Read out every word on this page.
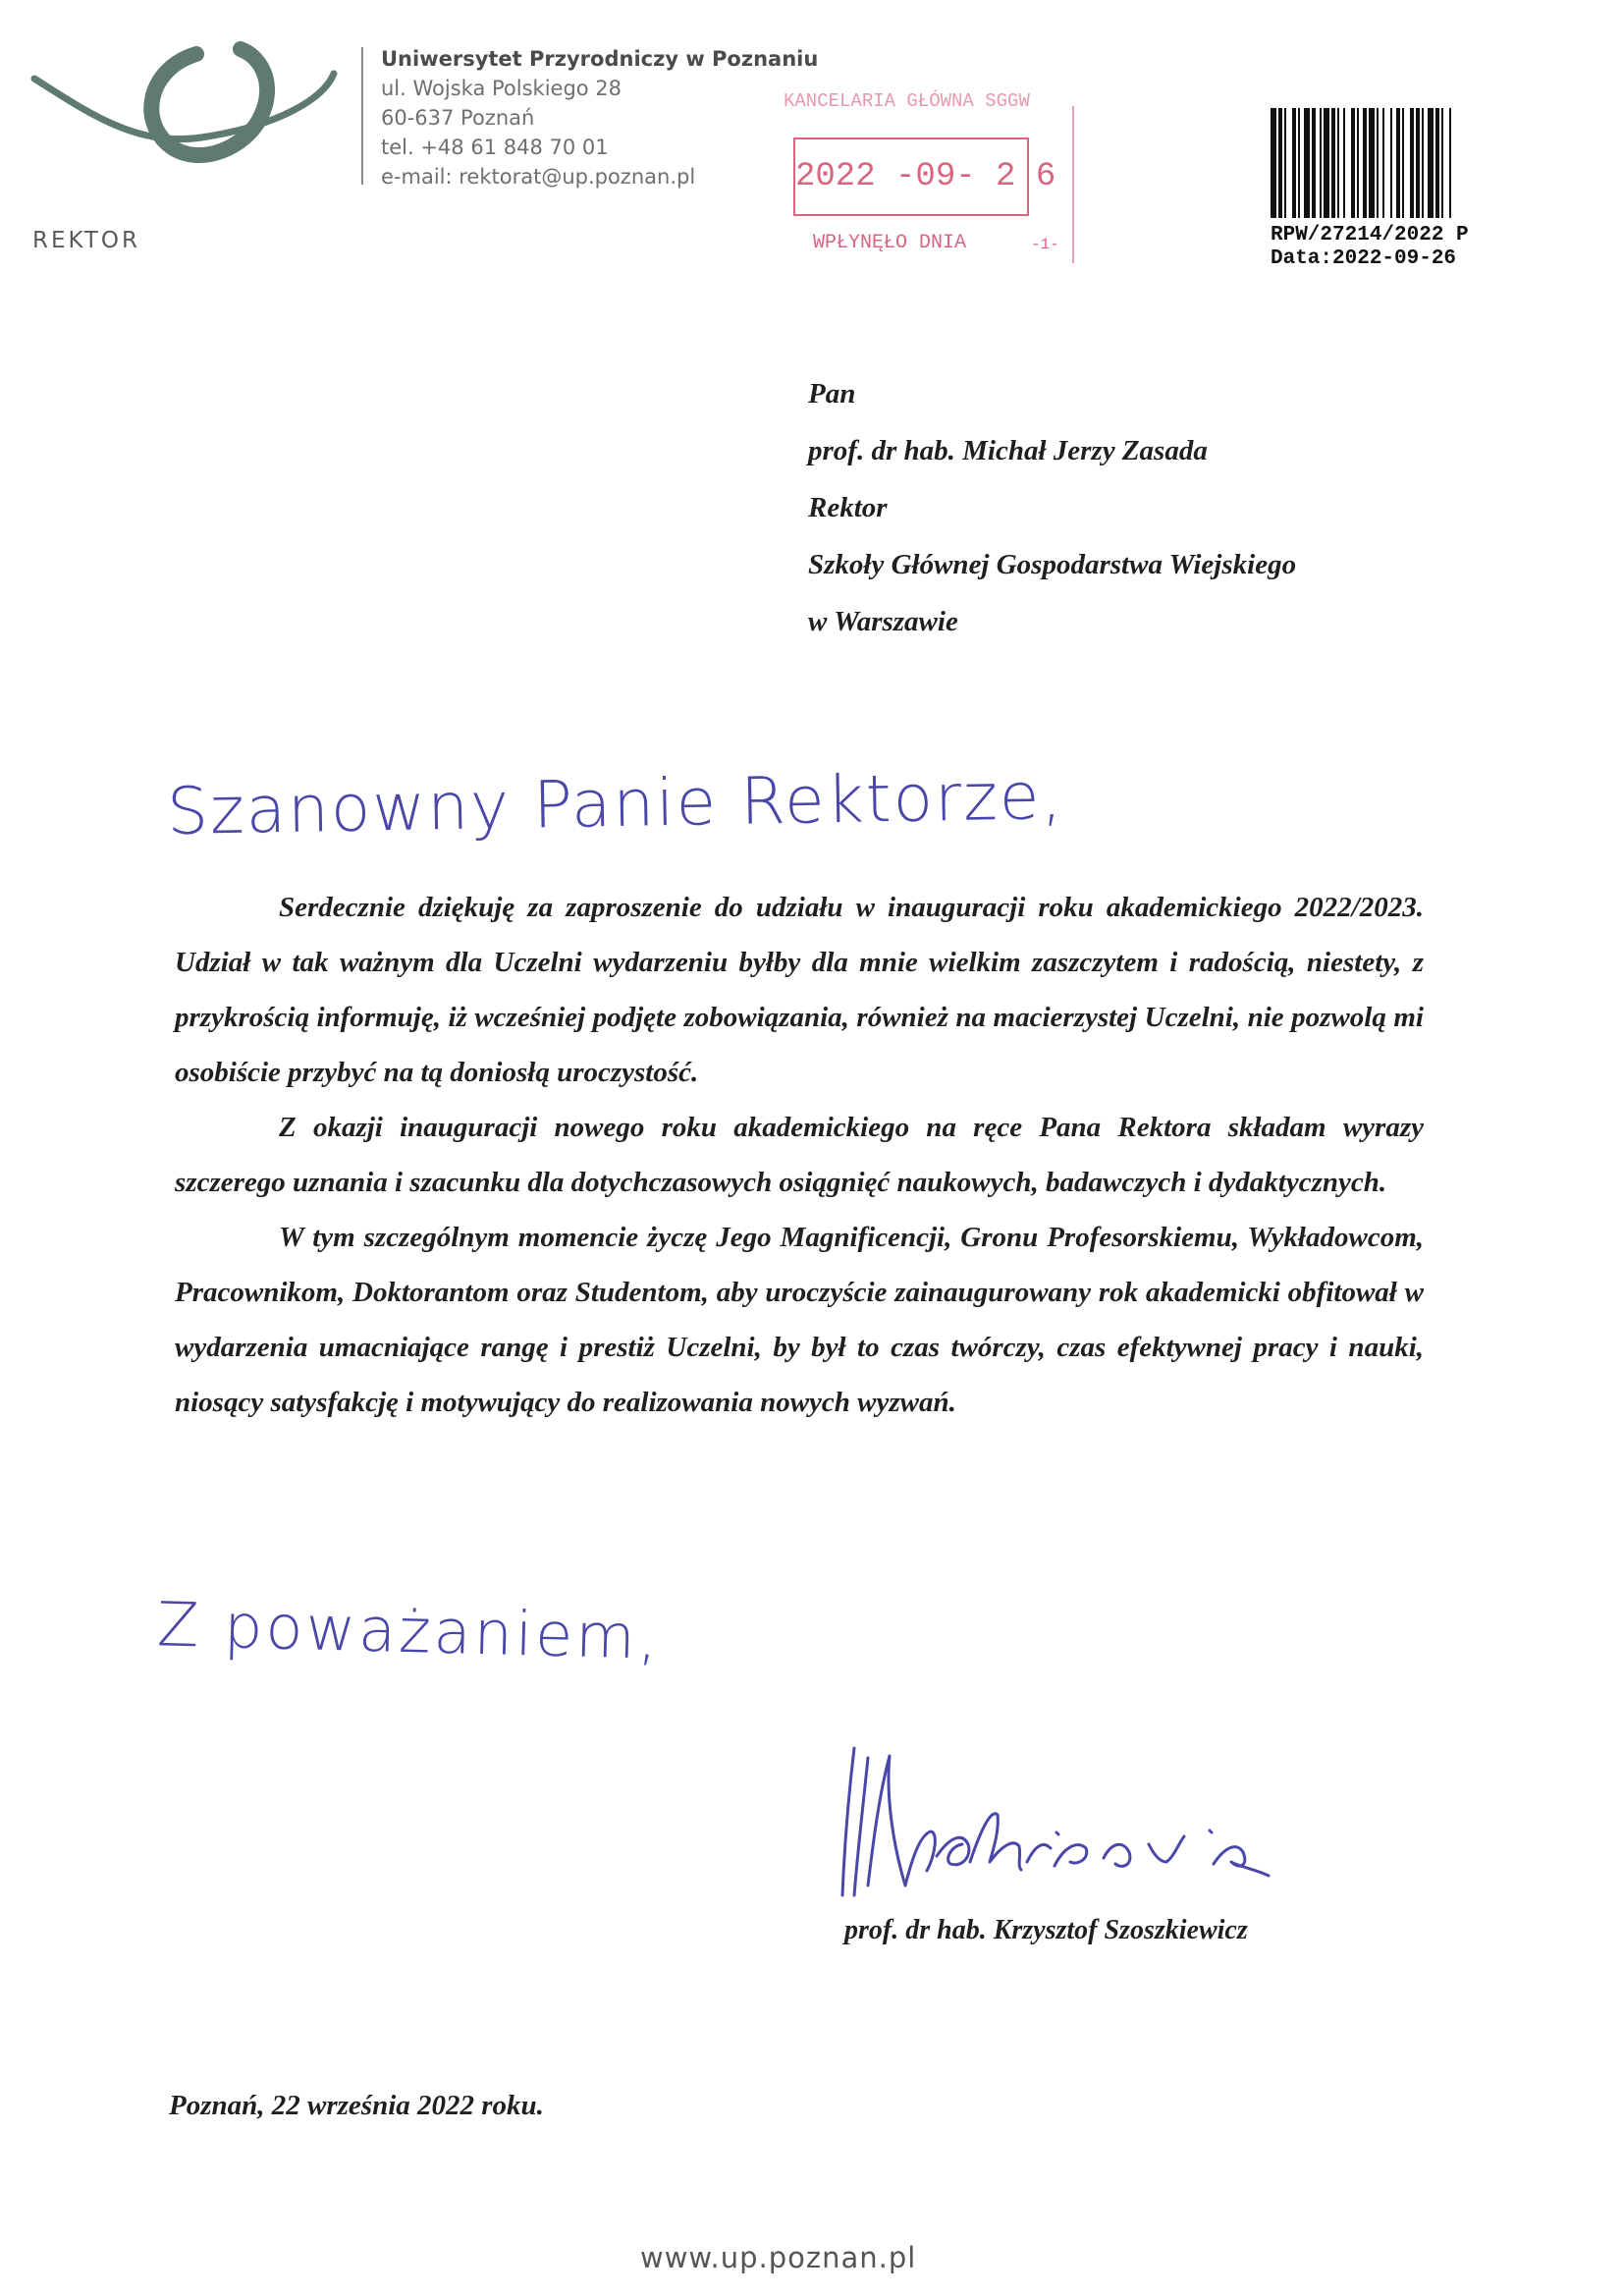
REKTOR
Uniwersytet Przyrodniczy w Poznaniu
ul. Wojska Polskiego 28
60-637 Poznań
tel. +48 61 848 70 01
e-mail: rektorat@up.poznan.pl
KANCELARIA GŁÓWNA SGGW
2022 -09- 2 6
WPŁYNĘŁO DNIA	-1-	RPW/27214/2022 P
Data:2022-09-26
Pan
prof. dr hab. Michał Jerzy Zasada
Rektor
Szkoły Głównej Gospodarstwa Wiejskiego
w Warszawie
Szanowny Panie Rektorze,

Serdecznie dziękuję za zaproszenie do udziału w inauguracji roku akademickiego 2022/2023. Udział w tak ważnym dla Uczelni wydarzeniu byłby dla mnie wielkim zaszczytem i radością, niestety, z przykrością informuję, iż wcześniej podjęte zobowiązania, również na macierzystej Uczelni, nie pozwolą mi osobiście przybyć na tą doniosłą uroczystość.

Z okazji inauguracji nowego roku akademickiego na ręce Pana Rektora składam wyrazy szczerego uznania i szacunku dla dotychczasowych osiągnięć naukowych, badawczych i dydaktycznych.

W tym szczególnym momencie życzę Jego Magnificencji, Gronu Profesorskiemu, Wykładowcom, Pracownikom, Doktorantom oraz Studentom, aby uroczyście zainaugurowany rok akademicki obfitował w wydarzenia umacniające rangę i prestiż Uczelni, by był to czas twórczy, czas efektywnej pracy i nauki, niosący satysfakcję i motywujący do realizowania nowych wyzwań.

Z poważaniem,
prof. dr hab. Krzysztof Szoszkiewicz
Poznań, 22 września 2022 roku.
www.up.poznan.pl
